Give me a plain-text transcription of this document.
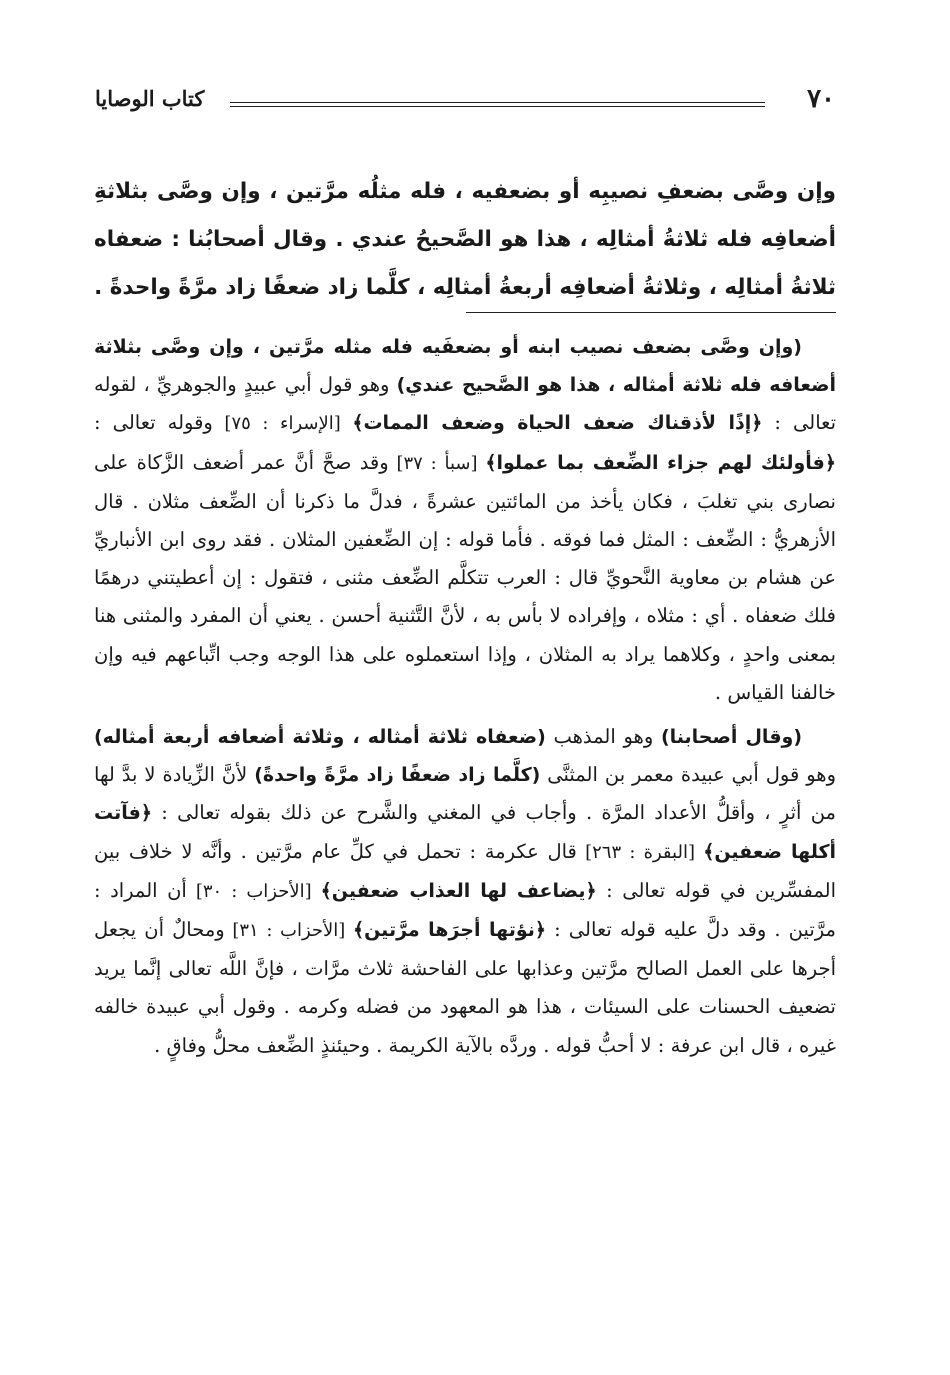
٧٠
كتاب الوصايا
وإن وصَّى بضعفِ نصيبِه أو بضعفيه ، فله مثلُه مرَّتين ، وإن وصَّى بثلاثةِ أضعافِه فله ثلاثةُ أمثالِه ، هذا هو الصَّحيحُ عندي . وقال أصحابُنا : ضعفاه ثلاثةُ أمثالِه ، وثلاثةُ أضعافِه أربعةُ أمثالِه ، كلَّما زاد ضعفًا زاد مرَّةً واحدةً .

(وإن وصَّى بضعف نصيب ابنه أو بضعفَيه فله مثله مرَّتين ، وإن وصَّى بثلاثة أضعافه فله ثلاثة أمثاله ، هذا هو الصَّحيح عندي) وهو قول أبي عبيدٍ والجوهريِّ ، لقوله تعالى : ﴿إذًا لأذقناك ضعف الحياة وضعف الممات﴾ [الإسراء : ٧٥] وقوله تعالى : ﴿فأولئك لهم جزاء الضِّعف بما عملوا﴾ [سبأ : ٣٧] وقد صحَّ أنَّ عمر أضعف الزَّكاة على نصارى بني تغلبَ ، فكان يأخذ من المائتين عشرةً ، فدلَّ ما ذكرنا أن الضِّعف مثلان . قال الأزهريُّ : الضِّعف : المثل فما فوقه . فأما قوله : إن الضِّعفين المثلان . فقد روى ابن الأنباريِّ عن هشام بن معاوية النَّحويِّ قال : العرب تتكلَّم الضِّعف مثنى ، فتقول : إن أعطيتني درهمًا فلك ضعفاه . أي : مثلاه ، وإفراده لا بأس به ، لأنَّ التَّثنية أحسن . يعني أن المفرد والمثنى هنا بمعنى واحدٍ ، وكلاهما يراد به المثلان ، وإذا استعملوه على هذا الوجه وجب اتِّباعهم فيه وإن خالفنا القياس .

(وقال أصحابنا) وهو المذهب (ضعفاه ثلاثة أمثاله ، وثلاثة أضعافه أربعة أمثاله) وهو قول أبي عبيدة معمر بن المثنَّى (كلَّما زاد ضعفًا زاد مرَّةً واحدةً) لأنَّ الزِّيادة لا بدَّ لها من أثرٍ ، وأقلُّ الأعداد المرَّة . وأجاب في المغني والشَّرح عن ذلك بقوله تعالى : ﴿فآتت أكلها ضعفين﴾ [البقرة : ٢٦٣] قال عكرمة : تحمل في كلِّ عام مرَّتين . وأنَّه لا خلاف بين المفسِّرين في قوله تعالى : ﴿يضاعف لها العذاب ضعفين﴾ [الأحزاب : ٣٠] أن المراد : مرَّتين . وقد دلَّ عليه قوله تعالى : ﴿نؤتها أجرَها مرَّتين﴾ [الأحزاب : ٣١] ومحالٌ أن يجعل أجرها على العمل الصالح مرَّتين وعذابها على الفاحشة ثلاث مرَّات ، فإنَّ اللَّه تعالى إنَّما يريد تضعيف الحسنات على السيئات ، هذا هو المعهود من فضله وكرمه . وقول أبي عبيدة خالفه غيره ، قال ابن عرفة : لا أحبُّ قوله . وردَّه بالآية الكريمة . وحيئنذٍ الضِّعف محلُّ وفاقٍ .
